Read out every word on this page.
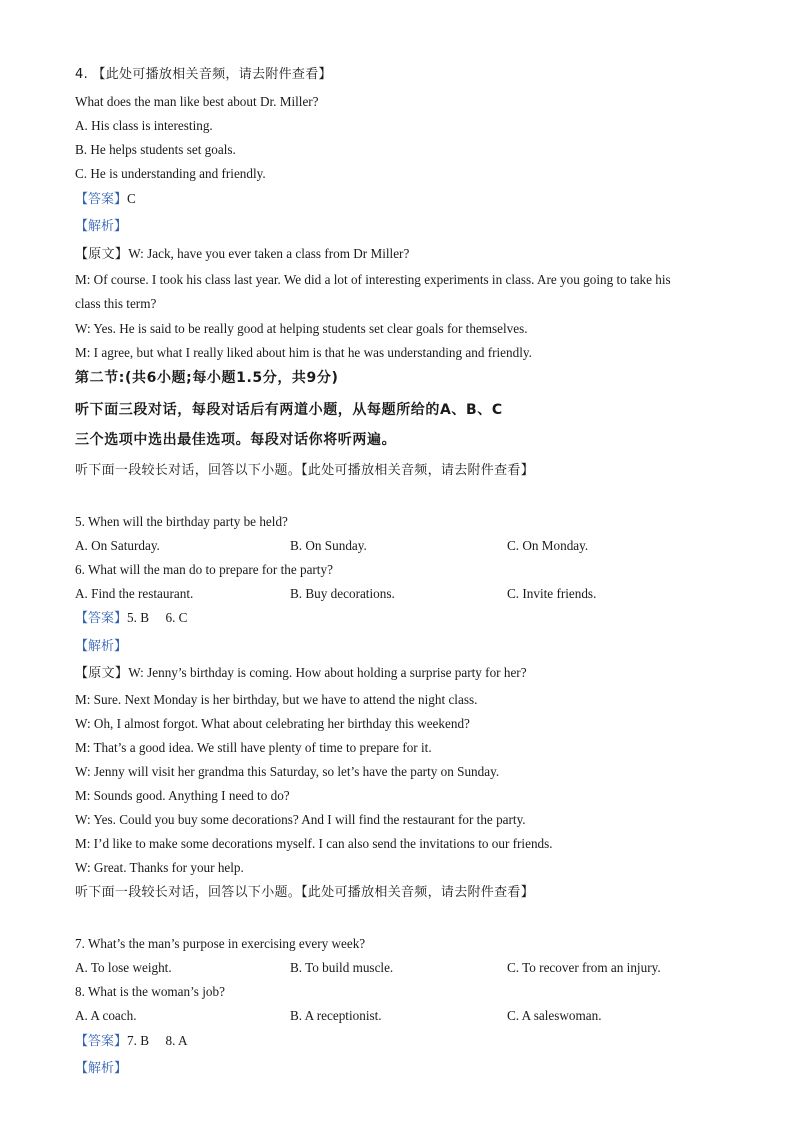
4. 【此处可播放相关音频，请去附件查看】
What does the man like best about Dr. Miller?
A. His class is interesting.
B. He helps students set goals.
C. He is understanding and friendly.
【答案】C
【解析】
【原文】W: Jack, have you ever taken a class from Dr Miller?
M: Of course. I took his class last year. We did a lot of interesting experiments in class. Are you going to take his
class this term?
W: Yes. He is said to be really good at helping students set clear goals for themselves.
M: I agree, but what I really liked about him is that he was understanding and friendly.
第二节:(共6小题;每小题1.5分，共9分)
听下面三段对话，每段对话后有两道小题，从每题所给的A、B、C
三个选项中选出最佳选项。每段对话你将听两遍。
听下面一段较长对话，回答以下小题。【此处可播放相关音频，请去附件查看】
5. When will the birthday party be held?
A. On Saturday.	B. On Sunday.	C. On Monday.
6. What will the man do to prepare for the party?
A. Find the restaurant.	B. Buy decorations.	C. Invite friends.
【答案】5. B     6. C
【解析】
【原文】W: Jenny’s birthday is coming. How about holding a surprise party for her?
M: Sure. Next Monday is her birthday, but we have to attend the night class.
W: Oh, I almost forgot. What about celebrating her birthday this weekend?
M: That’s a good idea. We still have plenty of time to prepare for it.
W: Jenny will visit her grandma this Saturday, so let’s have the party on Sunday.
M: Sounds good. Anything I need to do?
W: Yes. Could you buy some decorations? And I will find the restaurant for the party.
M: I’d like to make some decorations myself. I can also send the invitations to our friends.
W: Great. Thanks for your help.
听下面一段较长对话，回答以下小题。【此处可播放相关音频，请去附件查看】
7. What’s the man’s purpose in exercising every week?
A. To lose weight.	B. To build muscle.	C. To recover from an injury.
8. What is the woman’s job?
A. A coach.	B. A receptionist.	C. A saleswoman.
【答案】7. B     8. A
【解析】
